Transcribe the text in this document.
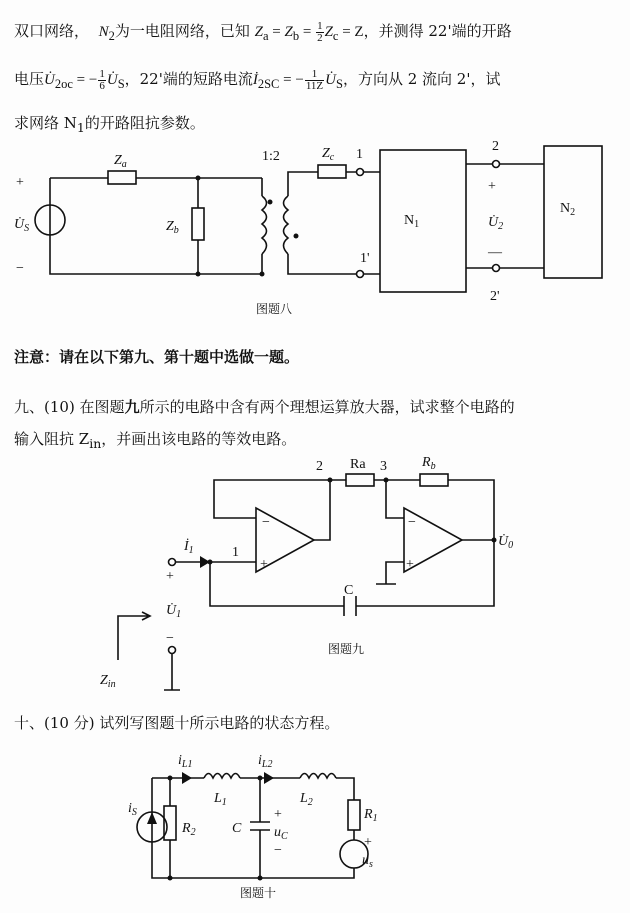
双口网络， $N_2$为一电阻网络，已知 $Z_a = Z_b = \frac{1}{2} Z_c = Z$，并测得 22'端的开路
电压$U̇_{2oc}$ = − $\frac{1}{6}$ $U̇_S$，22'端的短路电流$İ_{2SC}$ = − $\frac{1}{11Z}$ $U̇_S$，方向从 2 流向 2'，试
求网络 $N_1$的开路阻抗参数。
+
−
$U̇_S$
$Z_a$
$Z_b$
1:2	$Z_c$ 1
1'
$N_1$
2
2'
+
$U̇_2$
—
$N_2$
图题八
注意：请在以下第九、第十题中选做一题。
九、(10) 在图题九所示的电路中含有两个理想运算放大器，试求整个电路的
输入阻抗 $Z_{in}$，并画出该电路的等效电路。
2 Ra 3	$R_b$
−
+
−
+
1
$İ_1$
$U̇_0$
C
+
$U̇_1$
−
$Z_{in}$
图题九
十、(10 分) 试列写图题十所示电路的状态方程。
$i_{L1}$	$i_{L2}$
$L_1$	$L_2$
$i_S$
$R_2$	C
+
$u_C$
−
$R_1$
+
$u_s$
图题十
